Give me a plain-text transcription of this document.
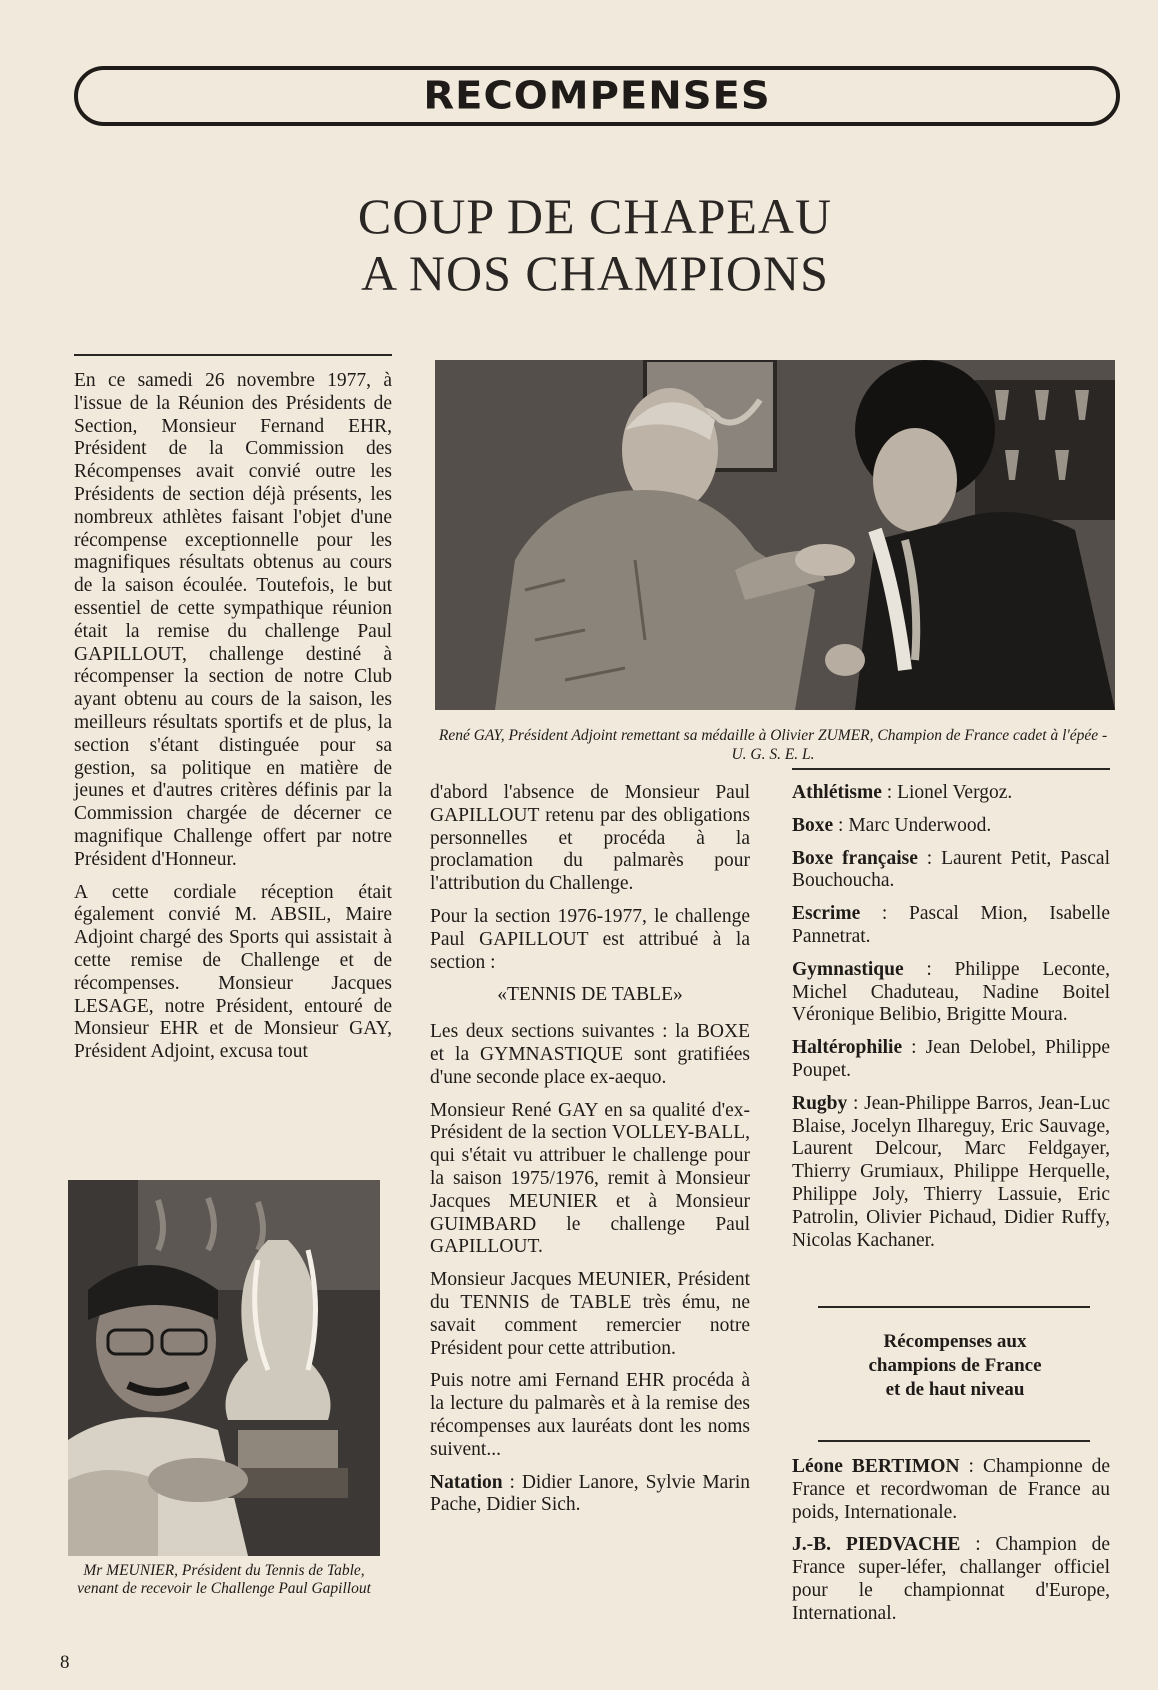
RECOMPENSES
COUP DE CHAPEAU
A NOS CHAMPIONS

En ce samedi 26 novembre 1977, à l'issue de la Réunion des Présidents de Section, Monsieur Fernand EHR, Président de la Commission des Récompenses avait convié outre les Présidents de section déjà présents, les nombreux athlètes faisant l'objet d'une récompense exceptionnelle pour les magnifiques résultats obtenus au cours de la saison écoulée. Toutefois, le but essentiel de cette sympathique réunion était la remise du challenge Paul GAPILLOUT, challenge destiné à récompenser la section de notre Club ayant obtenu au cours de la saison, les meilleurs résultats sportifs et de plus, la section s'étant distinguée pour sa gestion, sa politique en matière de jeunes et d'autres critères définis par la Commission chargée de décerner ce magnifique Challenge offert par notre Président d'Honneur.

A cette cordiale réception était également convié M. ABSIL, Maire Adjoint chargé des Sports qui assistait à cette remise de Challenge et de récompenses. Monsieur Jacques LESAGE, notre Président, entouré de Monsieur EHR et de Monsieur GAY, Président Adjoint, excusa tout

Mr MEUNIER, Président du Tennis de Table, venant de recevoir le Challenge Paul Gapillout
René GAY, Président Adjoint remettant sa médaille à Olivier ZUMER, Champion de France cadet à l'épée - U. G. S. E. L.

d'abord l'absence de Monsieur Paul GAPILLOUT retenu par des obligations personnelles et procéda à la proclamation du palmarès pour l'attribution du Challenge.

Pour la section 1976-1977, le challenge Paul GAPILLOUT est attribué à la section :

«TENNIS DE TABLE»

Les deux sections suivantes : la BOXE et la GYMNASTIQUE sont gratifiées d'une seconde place ex-aequo.

Monsieur René GAY en sa qualité d'ex-Président de la section VOLLEY-BALL, qui s'était vu attribuer le challenge pour la saison 1975/1976, remit à Monsieur Jacques MEUNIER et à Monsieur GUIMBARD le challenge Paul GAPILLOUT.

Monsieur Jacques MEUNIER, Président du TENNIS de TABLE très ému, ne savait comment remercier notre Président pour cette attribution.

Puis notre ami Fernand EHR procéda à la lecture du palmarès et à la remise des récompenses aux lauréats dont les noms suivent...

Natation : Didier Lanore, Sylvie Marin Pache, Didier Sich.

Athlétisme : Lionel Vergoz.

Boxe : Marc Underwood.

Boxe française : Laurent Petit, Pascal Bouchoucha.

Escrime : Pascal Mion, Isabelle Pannetrat.

Gymnastique : Philippe Leconte, Michel Chaduteau, Nadine Boitel Véronique Belibio, Brigitte Moura.

Haltérophilie : Jean Delobel, Philippe Poupet.

Rugby : Jean-Philippe Barros, Jean-Luc Blaise, Jocelyn Ilhareguy, Eric Sauvage, Laurent Delcour, Marc Feldgayer, Thierry Grumiaux, Philippe Herquelle, Philippe Joly, Thierry Lassuie, Eric Patrolin, Olivier Pichaud, Didier Ruffy, Nicolas Kachaner.

Récompenses aux
champions de France
et de haut niveau

Léone BERTIMON : Championne de France et recordwoman de France au poids, Internationale.

J.-B. PIEDVACHE : Champion de France super-léfer, challanger officiel pour le championnat d'Europe, International.

8
